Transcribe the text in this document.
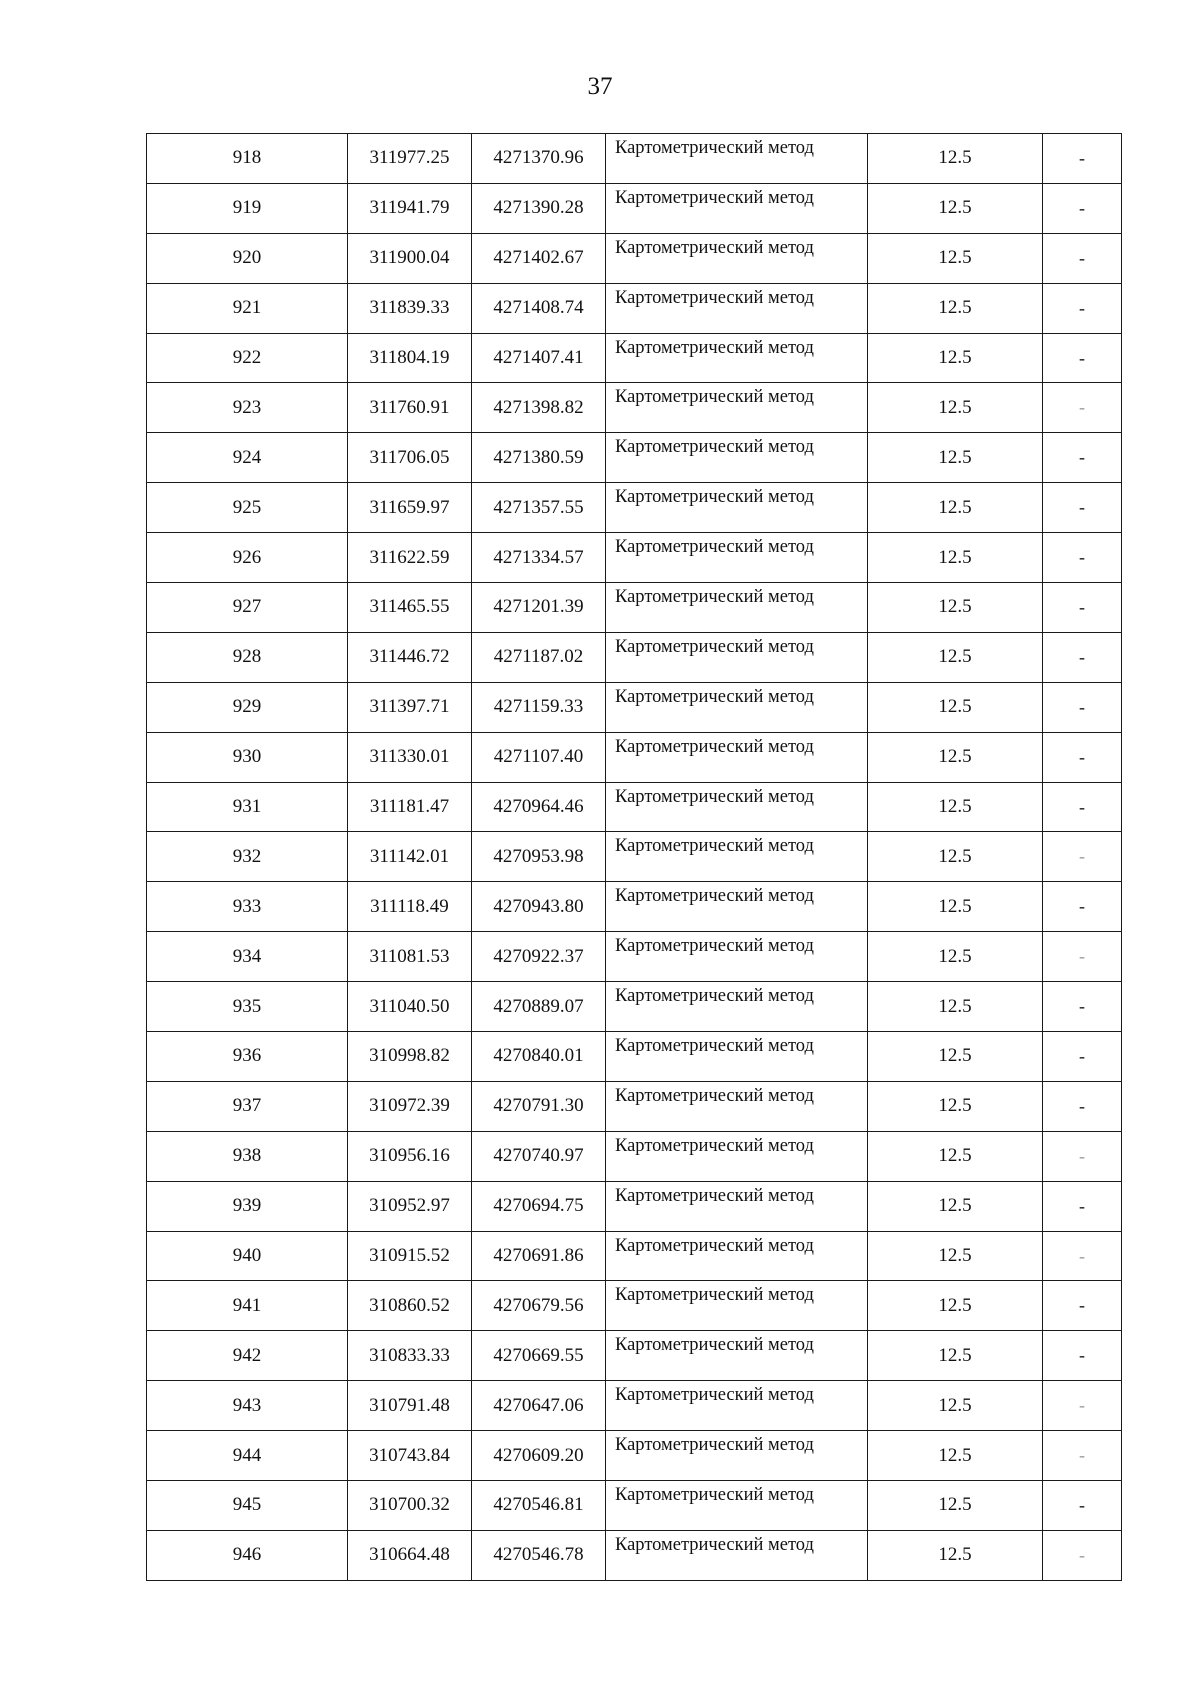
37
918	311977.25	4271370.96	Картометрический метод	12.5	-
919	311941.79	4271390.28	Картометрический метод	12.5	-
920	311900.04	4271402.67	Картометрический метод	12.5	-
921	311839.33	4271408.74	Картометрический метод	12.5	-
922	311804.19	4271407.41	Картометрический метод	12.5	-
923	311760.91	4271398.82	Картометрический метод	12.5	-
924	311706.05	4271380.59	Картометрический метод	12.5	-
925	311659.97	4271357.55	Картометрический метод	12.5	-
926	311622.59	4271334.57	Картометрический метод	12.5	-
927	311465.55	4271201.39	Картометрический метод	12.5	-
928	311446.72	4271187.02	Картометрический метод	12.5	-
929	311397.71	4271159.33	Картометрический метод	12.5	-
930	311330.01	4271107.40	Картометрический метод	12.5	-
931	311181.47	4270964.46	Картометрический метод	12.5	-
932	311142.01	4270953.98	Картометрический метод	12.5	-
933	311118.49	4270943.80	Картометрический метод	12.5	-
934	311081.53	4270922.37	Картометрический метод	12.5	-
935	311040.50	4270889.07	Картометрический метод	12.5	-
936	310998.82	4270840.01	Картометрический метод	12.5	-
937	310972.39	4270791.30	Картометрический метод	12.5	-
938	310956.16	4270740.97	Картометрический метод	12.5	-
939	310952.97	4270694.75	Картометрический метод	12.5	-
940	310915.52	4270691.86	Картометрический метод	12.5	-
941	310860.52	4270679.56	Картометрический метод	12.5	-
942	310833.33	4270669.55	Картометрический метод	12.5	-
943	310791.48	4270647.06	Картометрический метод	12.5	-
944	310743.84	4270609.20	Картометрический метод	12.5	-
945	310700.32	4270546.81	Картометрический метод	12.5	-
946	310664.48	4270546.78	Картометрический метод	12.5	-
